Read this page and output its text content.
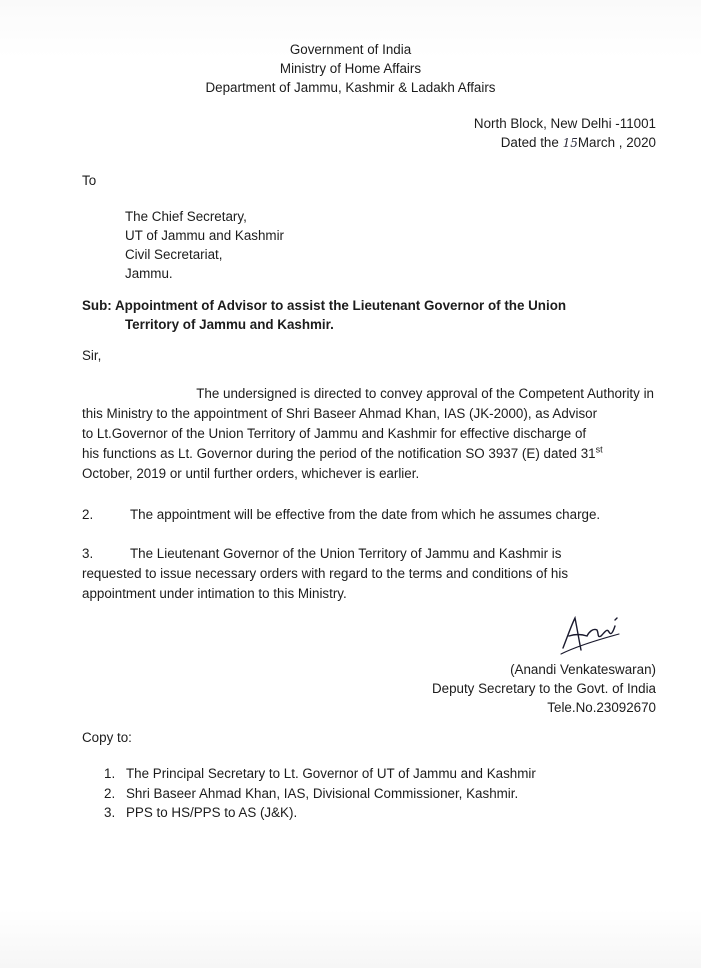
Government of India
Ministry of Home Affairs
Department of Jammu, Kashmir & Ladakh Affairs
North Block, New Delhi -11001
Dated the 15March , 2020
To
The Chief Secretary,
UT of Jammu and Kashmir
Civil Secretariat,
Jammu.
Sub: Appointment of Advisor to assist the Lieutenant Governor of the Union
Territory of Jammu and Kashmir.
Sir,
The undersigned is directed to convey approval of the Competent Authority in
this Ministry to the appointment of Shri Baseer Ahmad Khan, IAS (JK-2000), as Advisor
to Lt.Governor of the Union Territory of Jammu and Kashmir for effective discharge of
his functions as Lt. Governor during the period of the notification SO 3937 (E) dated 31st
October, 2019 or until further orders, whichever is earlier.
2.	The appointment will be effective from the date from which he assumes charge.
3.	The Lieutenant Governor of the Union Territory of Jammu and Kashmir is
requested to issue necessary orders with regard to the terms and conditions of his
appointment under intimation to this Ministry.
(Anandi Venkateswaran)
Deputy Secretary to the Govt. of India
Tele.No.23092670
Copy to:
1. The Principal Secretary to Lt. Governor of UT of Jammu and Kashmir
2. Shri Baseer Ahmad Khan, IAS, Divisional Commissioner, Kashmir.
3. PPS to HS/PPS to AS (J&K).
